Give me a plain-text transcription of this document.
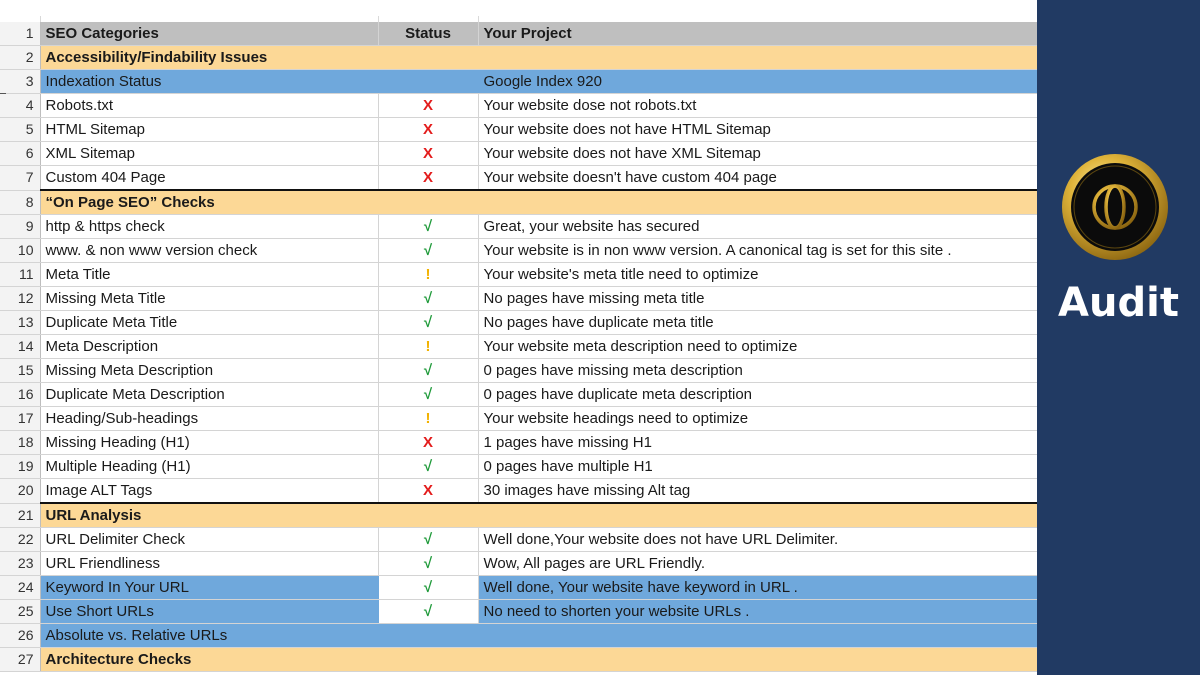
1	SEO Categories	Status	Your Project
2	Accessibility/Findability Issues		
3	Indexation Status		Google Index 920
4	Robots.txt	X	Your website dose not robots.txt
5	HTML Sitemap	X	Your website does not have HTML Sitemap
6	XML Sitemap	X	Your website does not have XML Sitemap
7	Custom 404 Page	X	Your website doesn't have custom 404 page
8	“On Page SEO” Checks		
9	http & https check	√	Great, your website has secured
10	www. & non www version check	√	Your website is in non www version. A canonical tag is set for this site .
11	Meta Title	!	Your website's meta title need to optimize
12	Missing Meta Title	√	No pages have missing meta title
13	Duplicate Meta Title	√	No pages have duplicate meta title
14	Meta Description	!	Your website meta description need to optimize
15	Missing Meta Description	√	0 pages have missing meta description
16	Duplicate Meta Description	√	0 pages have duplicate meta description
17	Heading/Sub-headings	!	Your website headings need to optimize
18	Missing Heading (H1)	X	1 pages have missing H1
19	Multiple Heading (H1)	√	0 pages have multiple H1
20	Image ALT Tags	X	30 images have missing Alt tag
21	URL Analysis		
22	URL Delimiter Check	√	Well done,Your website does not have URL Delimiter.
23	URL Friendliness	√	Wow, All pages are URL Friendly.
24	Keyword In Your URL	√	Well done, Your website have keyword in URL .
25	Use Short URLs	√	No need to shorten your website URLs .
26	Absolute vs. Relative URLs		
27	Architecture Checks		
Audit
